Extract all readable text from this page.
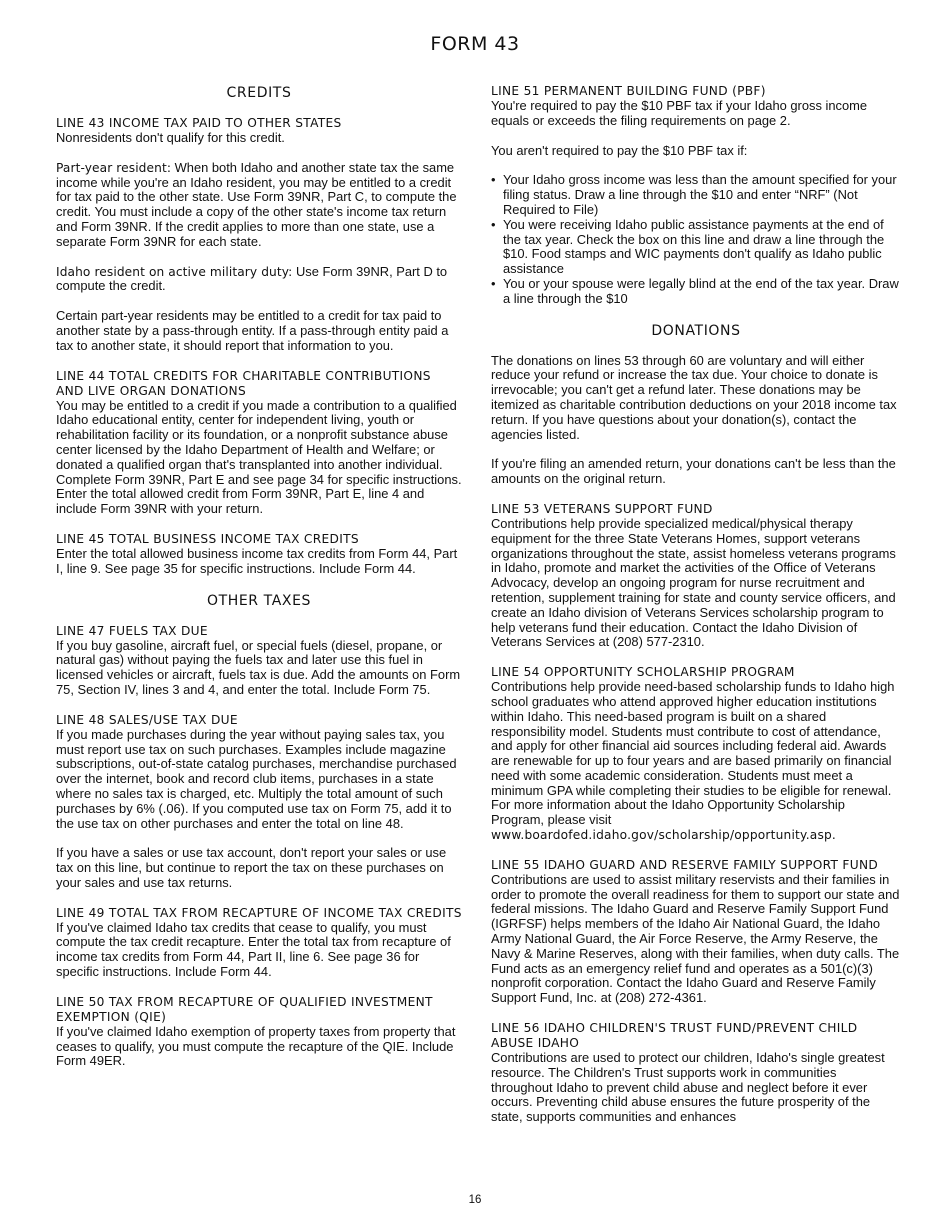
FORM 43
CREDITS
LINE 43 INCOME TAX PAID TO OTHER STATES

Nonresidents don't qualify for this credit.

Part-year resident: When both Idaho and another state tax the same income while you're an Idaho resident, you may be entitled to a credit for tax paid to the other state. Use Form 39NR, Part C, to compute the credit. You must include a copy of the other state's income tax return and Form 39NR. If the credit applies to more than one state, use a separate Form 39NR for each state.

Idaho resident on active military duty: Use Form 39NR, Part D to compute the credit.

Certain part-year residents may be entitled to a credit for tax paid to another state by a pass-through entity. If a pass-through entity paid a tax to another state, it should report that information to you.

LINE 44 TOTAL CREDITS FOR CHARITABLE CONTRIBUTIONS AND LIVE ORGAN DONATIONS

You may be entitled to a credit if you made a contribution to a qualified Idaho educational entity, center for independent living, youth or rehabilitation facility or its foundation, or a nonprofit substance abuse center licensed by the Idaho Department of Health and Welfare; or donated a qualified organ that's transplanted into another individual. Complete Form 39NR, Part E and see page 34 for specific instructions. Enter the total allowed credit from Form 39NR, Part E, line 4 and include Form 39NR with your return.

LINE 45 TOTAL BUSINESS INCOME TAX CREDITS

Enter the total allowed business income tax credits from Form 44, Part I, line 9. See page 35 for specific instructions. Include Form 44.

OTHER TAXES
LINE 47 FUELS TAX DUE

If you buy gasoline, aircraft fuel, or special fuels (diesel, propane, or natural gas) without paying the fuels tax and later use this fuel in licensed vehicles or aircraft, fuels tax is due. Add the amounts on Form 75, Section IV, lines 3 and 4, and enter the total. Include Form 75.

LINE 48 SALES/USE TAX DUE

If you made purchases during the year without paying sales tax, you must report use tax on such purchases. Examples include magazine subscriptions, out-of-state catalog purchases, merchandise purchased over the internet, book and record club items, purchases in a state where no sales tax is charged, etc. Multiply the total amount of such purchases by 6% (.06). If you computed use tax on Form 75, add it to the use tax on other purchases and enter the total on line 48.

If you have a sales or use tax account, don't report your sales or use tax on this line, but continue to report the tax on these purchases on your sales and use tax returns.

LINE 49 TOTAL TAX FROM RECAPTURE OF INCOME TAX CREDITS

If you've claimed Idaho tax credits that cease to qualify, you must compute the tax credit recapture. Enter the total tax from recapture of income tax credits from Form 44, Part II, line 6. See page 36 for specific instructions. Include Form 44.

LINE 50 TAX FROM RECAPTURE OF QUALIFIED INVESTMENT EXEMPTION (QIE)

If you've claimed Idaho exemption of property taxes from property that ceases to qualify, you must compute the recapture of the QIE. Include Form 49ER.

LINE 51 PERMANENT BUILDING FUND (PBF)

You're required to pay the $10 PBF tax if your Idaho gross income equals or exceeds the filing requirements on page 2.

You aren't required to pay the $10 PBF tax if:

• Your Idaho gross income was less than the amount specified for your filing status. Draw a line through the $10 and enter “NRF” (Not Required to File)
• You were receiving Idaho public assistance payments at the end of the tax year. Check the box on this line and draw a line through the $10. Food stamps and WIC payments don't qualify as Idaho public assistance
• You or your spouse were legally blind at the end of the tax year. Draw a line through the $10
DONATIONS

The donations on lines 53 through 60 are voluntary and will either reduce your refund or increase the tax due. Your choice to donate is irrevocable; you can't get a refund later. These donations may be itemized as charitable contribution deductions on your 2018 income tax return. If you have questions about your donation(s), contact the agencies listed.

If you're filing an amended return, your donations can't be less than the amounts on the original return.

LINE 53 VETERANS SUPPORT FUND

Contributions help provide specialized medical/physical therapy equipment for the three State Veterans Homes, support veterans organizations throughout the state, assist homeless veterans programs in Idaho, promote and market the activities of the Office of Veterans Advocacy, develop an ongoing program for nurse recruitment and retention, supplement training for state and county service officers, and create an Idaho division of Veterans Services scholarship program to help veterans fund their education. Contact the Idaho Division of Veterans Services at (208) 577-2310.

LINE 54 OPPORTUNITY SCHOLARSHIP PROGRAM

Contributions help provide need-based scholarship funds to Idaho high school graduates who attend approved higher education institutions within Idaho. This need-based program is built on a shared responsibility model. Students must contribute to cost of attendance, and apply for other financial aid sources including federal aid. Awards are renewable for up to four years and are based primarily on financial need with some academic consideration. Students must meet a minimum GPA while completing their studies to be eligible for renewal. For more information about the Idaho Opportunity Scholarship Program, please visit www.boardofed.idaho.gov/scholarship/opportunity.asp.

LINE 55 IDAHO GUARD AND RESERVE FAMILY SUPPORT FUND

Contributions are used to assist military reservists and their families in order to promote the overall readiness for them to support our state and federal missions. The Idaho Guard and Reserve Family Support Fund (IGRFSF) helps members of the Idaho Air National Guard, the Idaho Army National Guard, the Air Force Reserve, the Army Reserve, the Navy & Marine Reserves, along with their families, when duty calls. The Fund acts as an emergency relief fund and operates as a 501(c)(3) nonprofit corporation. Contact the Idaho Guard and Reserve Family Support Fund, Inc. at (208) 272-4361.

LINE 56 IDAHO CHILDREN'S TRUST FUND/PREVENT CHILD ABUSE IDAHO

Contributions are used to protect our children, Idaho's single greatest resource. The Children's Trust supports work in communities throughout Idaho to prevent child abuse and neglect before it ever occurs. Preventing child abuse ensures the future prosperity of the state, supports communities and enhances

16
